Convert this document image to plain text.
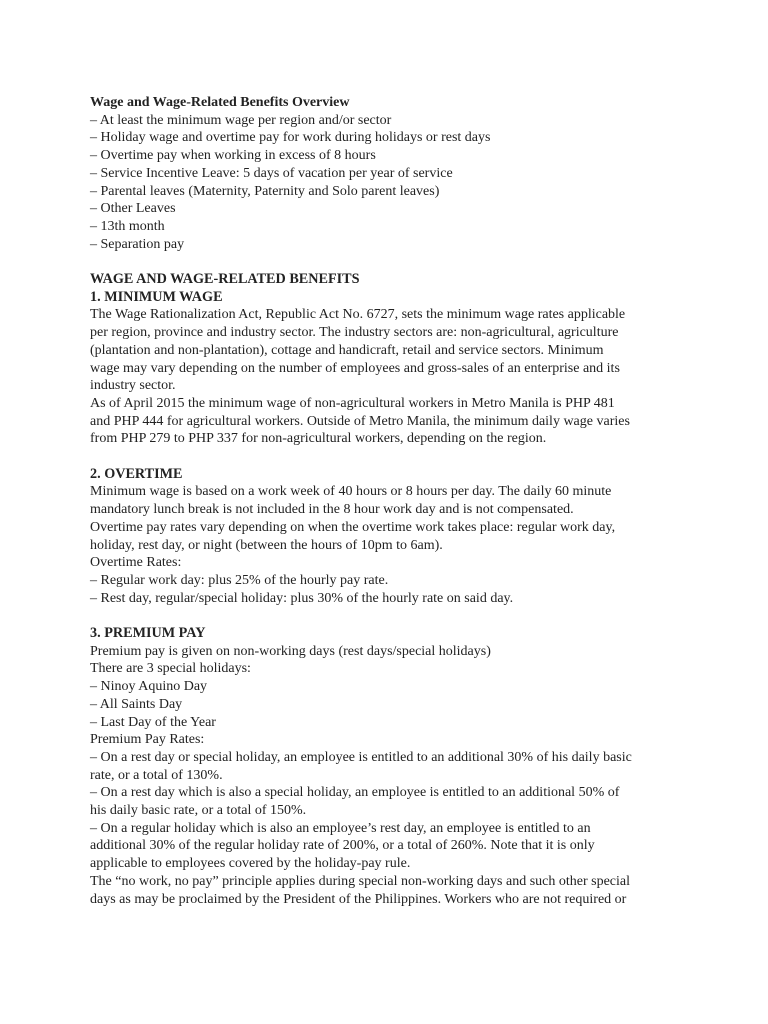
Wage and Wage-Related Benefits Overview
– At least the minimum wage per region and/or sector
– Holiday wage and overtime pay for work during holidays or rest days
– Overtime pay when working in excess of 8 hours
– Service Incentive Leave: 5 days of vacation per year of service
– Parental leaves (Maternity, Paternity and Solo parent leaves)
– Other Leaves
– 13th month
– Separation pay
WAGE AND WAGE-RELATED BENEFITS
1. MINIMUM WAGE
The Wage Rationalization Act, Republic Act No. 6727, sets the minimum wage rates applicable
per region, province and industry sector. The industry sectors are: non-agricultural, agriculture
(plantation and non-plantation), cottage and handicraft, retail and service sectors. Minimum
wage may vary depending on the number of employees and gross-sales of an enterprise and its
industry sector.
As of April 2015 the minimum wage of non-agricultural workers in Metro Manila is PHP 481
and PHP 444 for agricultural workers. Outside of Metro Manila, the minimum daily wage varies
from PHP 279 to PHP 337 for non-agricultural workers, depending on the region.
2. OVERTIME
Minimum wage is based on a work week of 40 hours or 8 hours per day. The daily 60 minute
mandatory lunch break is not included in the 8 hour work day and is not compensated.
Overtime pay rates vary depending on when the overtime work takes place: regular work day,
holiday, rest day, or night (between the hours of 10pm to 6am).
Overtime Rates:
– Regular work day: plus 25% of the hourly pay rate.
– Rest day, regular/special holiday: plus 30% of the hourly rate on said day.
3. PREMIUM PAY
Premium pay is given on non-working days (rest days/special holidays)
There are 3 special holidays:
– Ninoy Aquino Day
– All Saints Day
– Last Day of the Year
Premium Pay Rates:
– On a rest day or special holiday, an employee is entitled to an additional 30% of his daily basic
rate, or a total of 130%.
– On a rest day which is also a special holiday, an employee is entitled to an additional 50% of
his daily basic rate, or a total of 150%.
– On a regular holiday which is also an employee’s rest day, an employee is entitled to an
additional 30% of the regular holiday rate of 200%, or a total of 260%. Note that it is only
applicable to employees covered by the holiday-pay rule.
The “no work, no pay” principle applies during special non-working days and such other special
days as may be proclaimed by the President of the Philippines. Workers who are not required or
